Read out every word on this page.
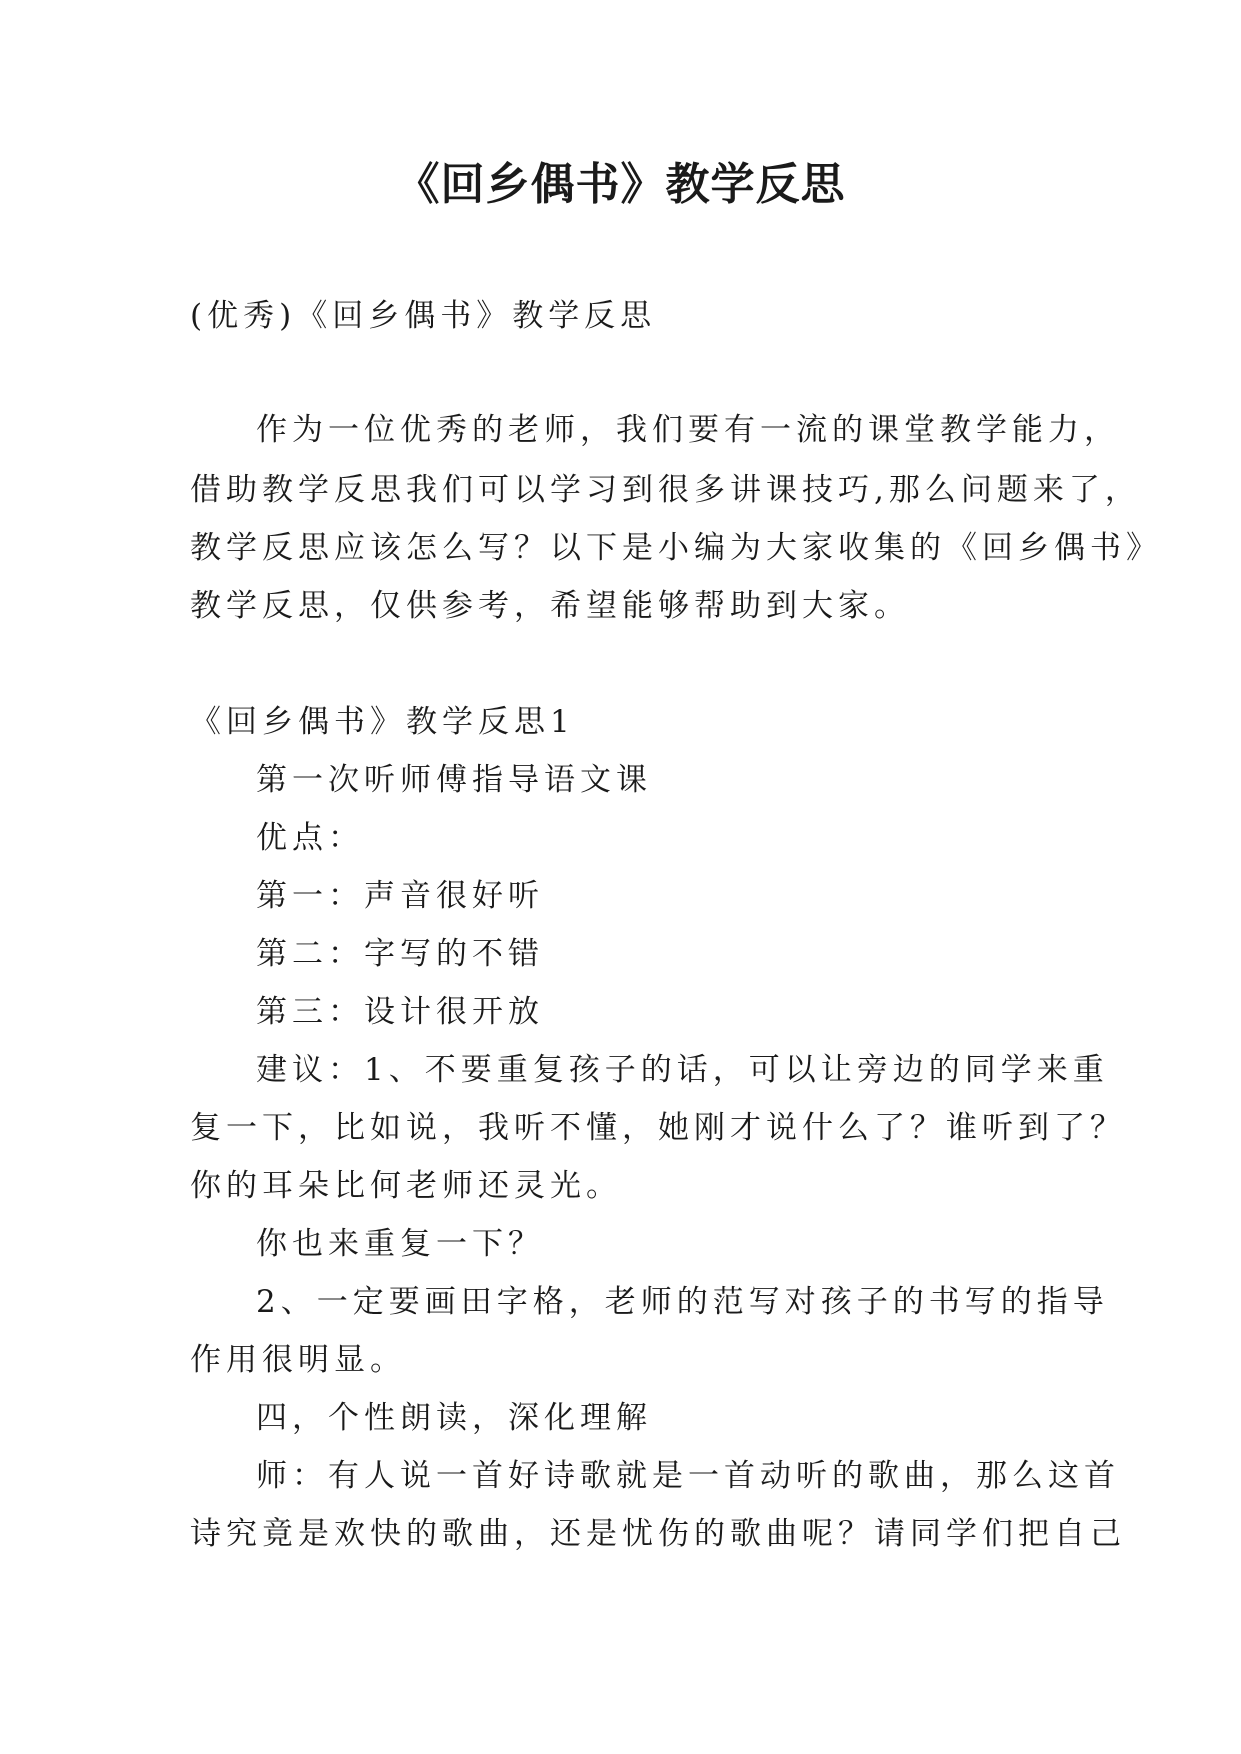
《回乡偶书》教学反思
(优秀)《回乡偶书》教学反思
作为一位优秀的老师，我们要有一流的课堂教学能力，
借助教学反思我们可以学习到很多讲课技巧,那么问题来了，
教学反思应该怎么写？以下是小编为大家收集的《回乡偶书》
教学反思，仅供参考，希望能够帮助到大家。
《回乡偶书》教学反思1
第一次听师傅指导语文课
优点：
第一：声音很好听
第二：字写的不错
第三：设计很开放
建议：1、不要重复孩子的话，可以让旁边的同学来重
复一下，比如说，我听不懂，她刚才说什么了？谁听到了？
你的耳朵比何老师还灵光。
你也来重复一下？
2、一定要画田字格，老师的范写对孩子的书写的指导
作用很明显。
四，个性朗读，深化理解
师：有人说一首好诗歌就是一首动听的歌曲，那么这首
诗究竟是欢快的歌曲，还是忧伤的歌曲呢？请同学们把自己
